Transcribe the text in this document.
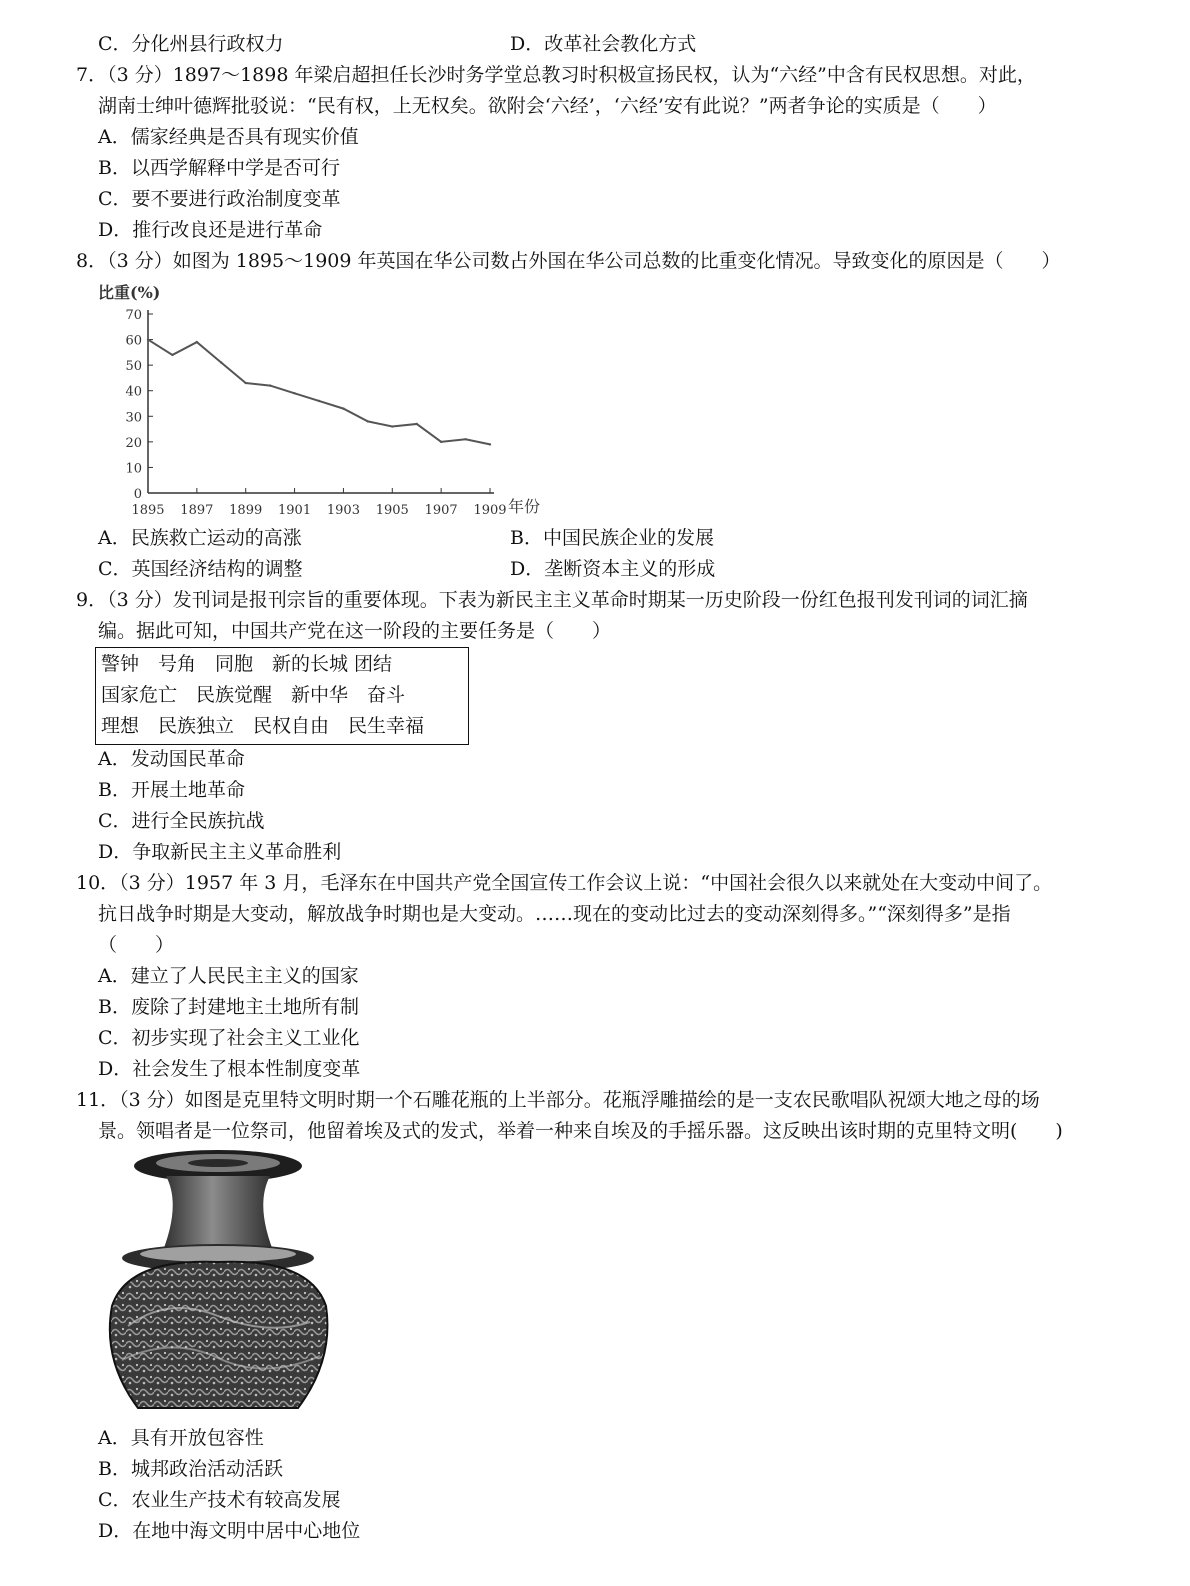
C．分化州县行政权力	D．改革社会教化方式
7．（3 分）1897～1898 年梁启超担任长沙时务学堂总教习时积极宣扬民权，认为“六经”中含有民权思想。对此，
湖南士绅叶德辉批驳说：“民有权，上无权矣。欲附会‘六经’，‘六经’安有此说？”两者争论的实质是（　　）
A．儒家经典是否具有现实价值
B．以西学解释中学是否可行
C．要不要进行政治制度变革
D．推行改良还是进行革命
8．（3 分）如图为 1895～1909 年英国在华公司数占外国在华公司总数的比重变化情况。导致变化的原因是（　　）
0
10
20
30
40
50
60
70
1895 1897 1899 1901 1903 1905 1907 1909
比重(%)
年份
A．民族救亡运动的高涨	B．中国民族企业的发展
C．英国经济结构的调整	D．垄断资本主义的形成
9．（3 分）发刊词是报刊宗旨的重要体现。下表为新民主主义革命时期某一历史阶段一份红色报刊发刊词的词汇摘
编。据此可知，中国共产党在这一阶段的主要任务是（　　）
警钟　号角　同胞　新的长城 团结
国家危亡　民族觉醒　新中华　奋斗
理想　民族独立　民权自由　民生幸福
A．发动国民革命
B．开展土地革命
C．进行全民族抗战
D．争取新民主主义革命胜利
10．（3 分）1957 年 3 月，毛泽东在中国共产党全国宣传工作会议上说：“中国社会很久以来就处在大变动中间了。
抗日战争时期是大变动，解放战争时期也是大变动。……现在的变动比过去的变动深刻得多。”“深刻得多”是指
（　　）
A．建立了人民民主主义的国家
B．废除了封建地主土地所有制
C．初步实现了社会主义工业化
D．社会发生了根本性制度变革
11．（3 分）如图是克里特文明时期一个石雕花瓶的上半部分。花瓶浮雕描绘的是一支农民歌唱队祝颂大地之母的场
景。领唱者是一位祭司，他留着埃及式的发式，举着一种来自埃及的手摇乐器。这反映出该时期的克里特文明(　　)
A．具有开放包容性
B．城邦政治活动活跃
C．农业生产技术有较高发展
D．在地中海文明中居中心地位
